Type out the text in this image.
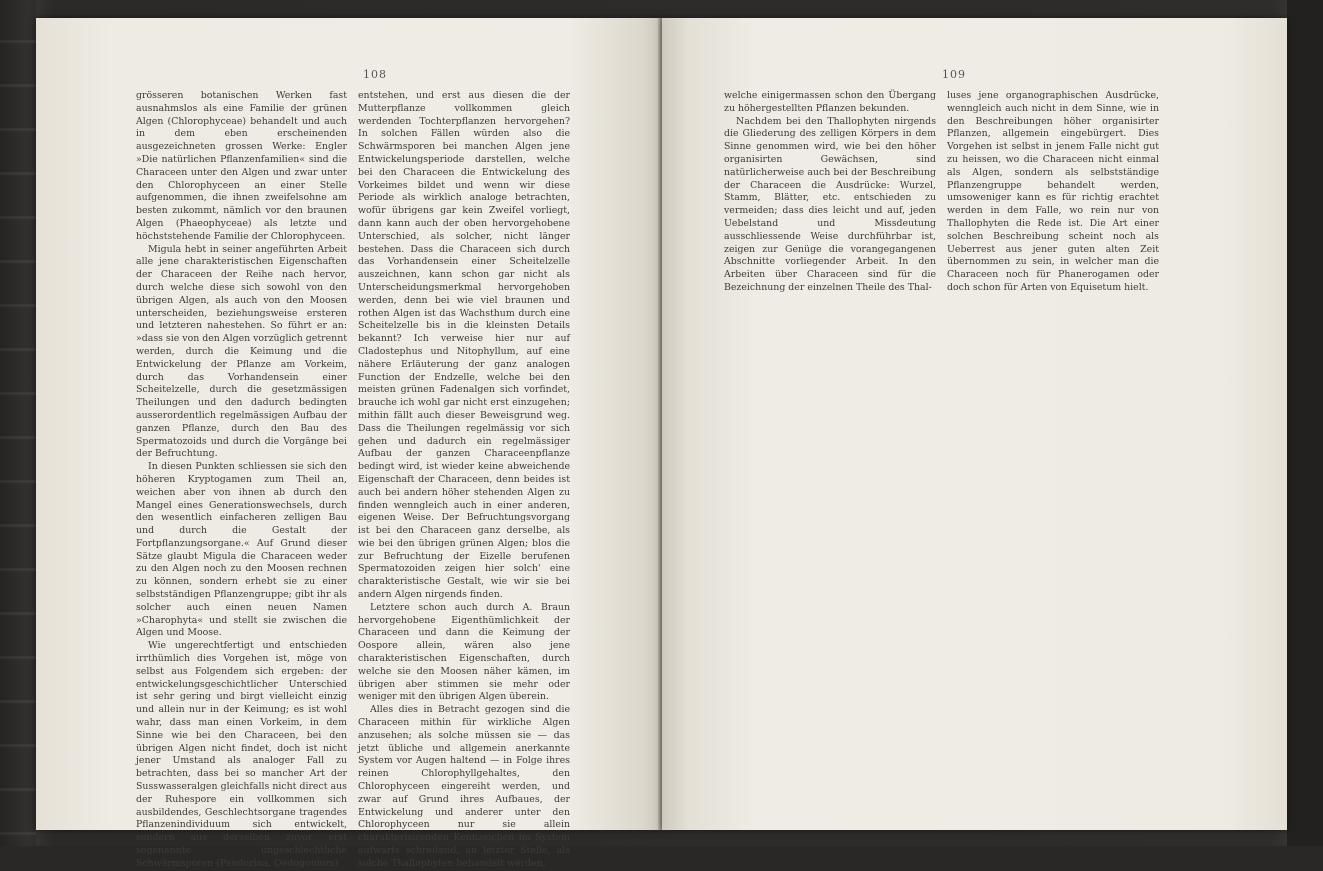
108

grösseren botanischen Werken fast ausnahmslos als eine Familie der grünen Algen (Chlorophyceae) behandelt und auch in dem eben erscheinenden ausgezeichneten grossen Werke: Engler »Die natürlichen Pflanzenfamilien« sind die Characeen unter den Algen und zwar unter den Chlorophyceen an einer Stelle aufgenommen, die ihnen zweifelsohne am besten zukommt, nämlich vor den braunen Algen (Phaeophyceae) als letzte und höchststehende Familie der Chlorophyceen.

Migula hebt in seiner angeführten Arbeit alle jene charakteristischen Eigenschaften der Characeen der Reihe nach hervor, durch welche diese sich sowohl von den übrigen Algen, als auch von den Moosen unterscheiden, beziehungsweise ersteren und letzteren nahestehen. So führt er an: »dass sie von den Algen vorzüglich getrennt werden, durch die Keimung und die Entwickelung der Pflanze am Vorkeim, durch das Vorhandensein einer Scheitelzelle, durch die gesetzmässigen Theilungen und den dadurch bedingten ausserordentlich regelmässigen Aufbau der ganzen Pflanze, durch den Bau des Spermatozoids und durch die Vorgänge bei der Befruchtung.

In diesen Punkten schliessen sie sich den höheren Kryptogamen zum Theil an, weichen aber von ihnen ab durch den Mangel eines Generationswechsels, durch den wesentlich einfacheren zelligen Bau und durch die Gestalt der Fortpflanzungsorgane.« Auf Grund dieser Sätze glaubt Migula die Characeen weder zu den Algen noch zu den Moosen rechnen zu können, sondern erhebt sie zu einer selbstständigen Pflanzengruppe; gibt ihr als solcher auch einen neuen Namen »Charophyta« und stellt sie zwischen die Algen und Moose.

Wie ungerechtfertigt und entschieden irrthümlich dies Vorgehen ist, möge von selbst aus Folgendem sich ergeben: der entwickelungsgeschichtlicher Unterschied ist sehr gering und birgt vielleicht einzig und allein nur in der Keimung; es ist wohl wahr, dass man einen Vorkeim, in dem Sinne wie bei den Characeen, bei den übrigen Algen nicht findet, doch ist nicht jener Umstand als analoger Fall zu betrachten, dass bei so mancher Art der Susswasseralgen gleichfalls nicht direct aus der Ruhespore ein vollkommen sich ausbildendes, Geschlechtsorgane tragendes Pflanzenindividuum sich entwickelt, sondern aus derselben zuvor erst sogenannte ungeschlechtliche Schwärmsporen (Pandorina, Oedogonium)

entstehen, und erst aus diesen die der Mutterpflanze vollkommen gleich werdenden Tochterpflanzen hervorgehen? In solchen Fällen würden also die Schwärmsporen bei manchen Algen jene Entwickelungsperiode darstellen, welche bei den Characeen die Entwickelung des Vorkeimes bildet und wenn wir diese Periode als wirklich analoge betrachten, wofür übrigens gar kein Zweifel vorliegt, dann kann auch der oben hervorgehobene Unterschied, als solcher, nicht länger bestehen. Dass die Characeen sich durch das Vorhandensein einer Scheitelzelle auszeichnen, kann schon gar nicht als Unterscheidungsmerkmal hervorgehoben werden, denn bei wie viel braunen und rothen Algen ist das Wachsthum durch eine Scheitelzelle bis in die kleinsten Details bekannt? Ich verweise hier nur auf Cladostephus und Nitophyllum, auf eine nähere Erläuterung der ganz analogen Function der Endzelle, welche bei den meisten grünen Fadenalgen sich vorfindet, brauche ich wohl gar nicht erst einzugehen; mithin fällt auch dieser Beweisgrund weg. Dass die Theilungen regelmässig vor sich gehen und dadurch ein regelmässiger Aufbau der ganzen Characeenpflanze bedingt wird, ist wieder keine abweichende Eigenschaft der Characeen, denn beides ist auch bei andern höher stehenden Algen zu finden wenngleich auch in einer anderen, eigenen Weise. Der Befruchtungsvorgang ist bei den Characeen ganz derselbe, als wie bei den übrigen grünen Algen; blos die zur Befruchtung der Eizelle berufenen Spermatozoiden zeigen hier solch' eine charakteristische Gestalt, wie wir sie bei andern Algen nirgends finden.

Letztere schon auch durch A. Braun hervorgehobene Eigenthümlichkeit der Characeen und dann die Keimung der Oospore allein, wären also jene charakteristischen Eigenschaften, durch welche sie den Moosen näher kämen, im übrigen aber stimmen sie mehr oder weniger mit den übrigen Algen überein.

Alles dies in Betracht gezogen sind die Characeen mithin für wirkliche Algen anzusehen; als solche müssen sie — das jetzt übliche und allgemein anerkannte System vor Augen haltend — in Folge ihres reinen Chlorophyllgehaltes, den Chlorophyceen eingereiht werden, und zwar auf Grund ihres Aufbaues, der Entwickelung und anderer unter den Chlorophyceen nur sie allein charakterisirenden Kennzeichen im System aufwärts schreitend, an letzter Stelle, als solche Thallophyten behandelt werden,

109

welche einigermassen schon den Übergang zu höhergestellten Pflanzen bekunden.

Nachdem bei den Thallophyten nirgends die Gliederung des zelligen Körpers in dem Sinne genommen wird, wie bei den höher organisirten Gewächsen, sind natürlicherweise auch bei der Beschreibung der Characeen die Ausdrücke: Wurzel, Stamm, Blätter, etc. entschieden zu vermeiden; dass dies leicht und auf, jeden Uebelstand und Missdeutung ausschliessende Weise durchführbar ist, zeigen zur Genüge die vorangegangenen Abschnitte vorliegender Arbeit. In den Arbeiten über Characeen sind für die Bezeichnung der einzelnen Theile des Thal-

luses jene organographischen Ausdrücke, wenngleich auch nicht in dem Sinne, wie in den Beschreibungen höher organisirter Pflanzen, allgemein eingebürgert. Dies Vorgehen ist selbst in jenem Falle nicht gut zu heissen, wo die Characeen nicht einmal als Algen, sondern als selbstständige Pflanzengruppe behandelt werden, umsoweniger kann es für richtig erachtet werden in dem Falle, wo rein nur von Thallophyten die Rede ist. Die Art einer solchen Beschreibung scheint noch als Ueberrest aus jener guten alten Zeit übernommen zu sein, in welcher man die Characeen noch für Phanerogamen oder doch schon für Arten von Equisetum hielt.
